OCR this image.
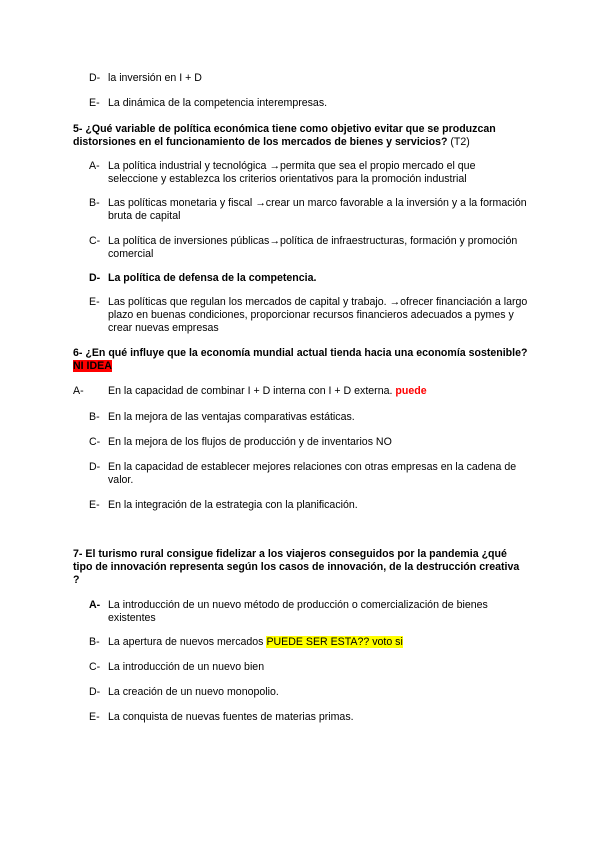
D- la inversión en I + D
E- La dinámica de la competencia interempresas.
5- ¿Qué variable de política económica tiene como objetivo evitar que se produzcan distorsiones en el funcionamiento de los mercados de bienes y servicios? (T2)
A- La política industrial y tecnológica →permita que sea el propio mercado el que seleccione y establezca los criterios orientativos para la promoción industrial
B- Las políticas monetaria y fiscal →crear un marco favorable a la inversión y a la formación bruta de capital
C- La política de inversiones públicas→política de infraestructuras, formación y promoción comercial
D- La política de defensa de la competencia.
E- Las políticas que regulan los mercados de capital y trabajo. →ofrecer financiación a largo plazo en buenas condiciones, proporcionar recursos financieros adecuados a pymes y crear nuevas empresas
6- ¿En qué influye que la economía mundial actual tienda hacia una economía sostenible? NI IDEA
A- En la capacidad de combinar I + D interna con I + D externa. puede
B- En la mejora de las ventajas comparativas estáticas.
C- En la mejora de los flujos de producción y de inventarios NO
D- En la capacidad de establecer mejores relaciones con otras empresas en la cadena de valor.
E- En la integración de la estrategia con la planificación.
7- El turismo rural consigue fidelizar a los viajeros conseguidos por la pandemia ¿qué tipo de innovación representa según los casos de innovación, de la destrucción creativa ?
A- La introducción de un nuevo método de producción o comercialización de bienes existentes
B- La apertura de nuevos mercados PUEDE SER ESTA?? voto si
C- La introducción de un nuevo bien
D- La creación de un nuevo monopolio.
E- La conquista de nuevas fuentes de materias primas.
